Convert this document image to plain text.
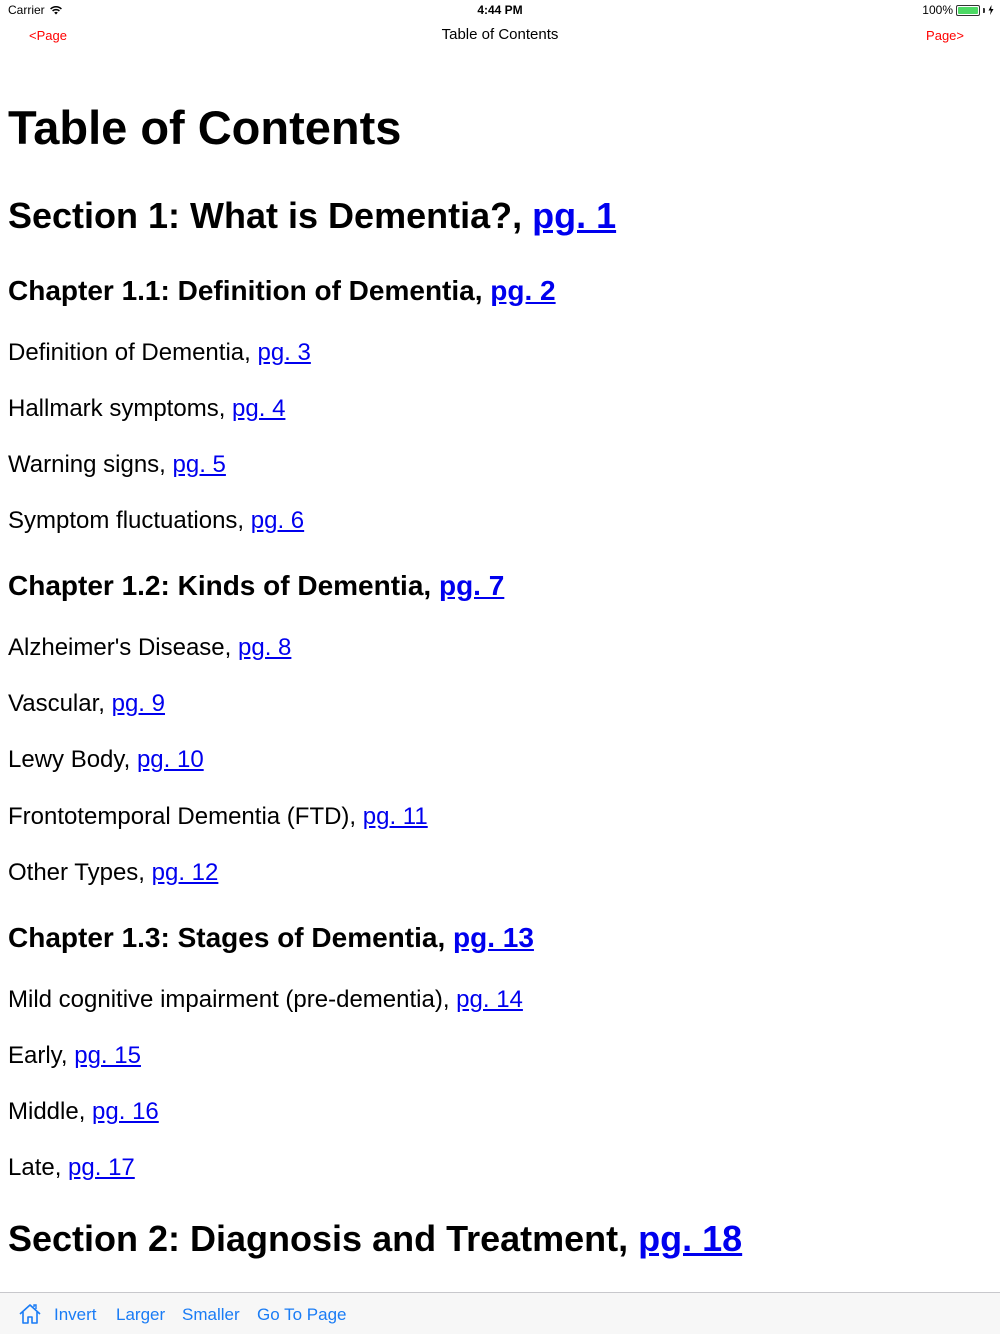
Carrier	4:44 PM	100%
<Page	Table of Contents	Page>
Table of Contents
Section 1: What is Dementia?, pg. 1
Chapter 1.1: Definition of Dementia, pg. 2
Definition of Dementia, pg. 3
Hallmark symptoms, pg. 4
Warning signs, pg. 5
Symptom fluctuations, pg. 6
Chapter 1.2: Kinds of Dementia, pg. 7
Alzheimer's Disease, pg. 8
Vascular, pg. 9
Lewy Body, pg. 10
Frontotemporal Dementia (FTD), pg. 11
Other Types, pg. 12
Chapter 1.3: Stages of Dementia, pg. 13
Mild cognitive impairment (pre-dementia), pg. 14
Early, pg. 15
Middle, pg. 16
Late, pg. 17
Section 2: Diagnosis and Treatment, pg. 18
Invert Larger Smaller Go To Page
